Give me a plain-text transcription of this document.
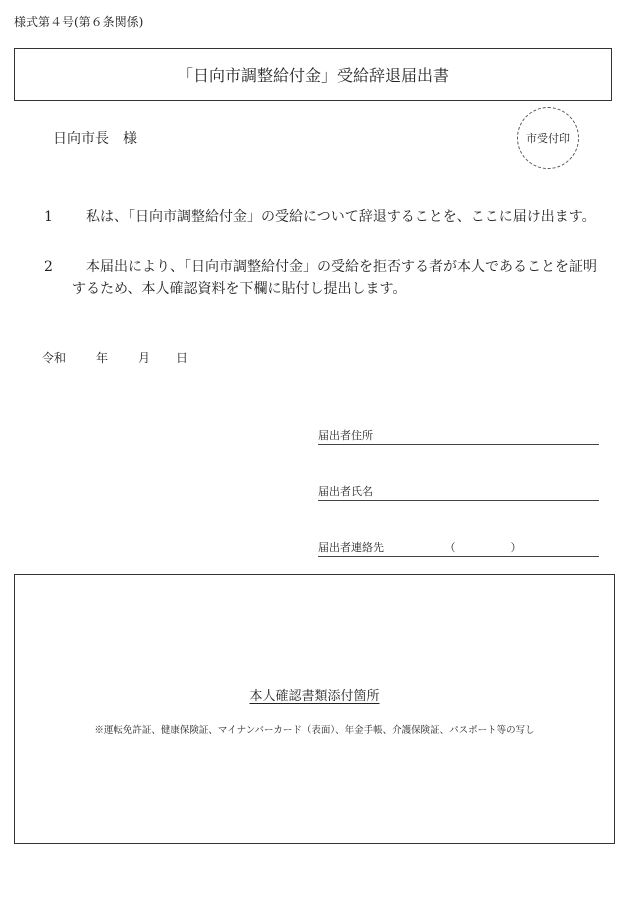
様式第４号(第６条関係)
「日向市調整給付金」受給辞退届出書
日向市長　様	市受付印
1	私は、「日向市調整給付金」の受給について辞退することを、ここに届け出ます。
2	本届出により、「日向市調整給付金」の受給を拒否する者が本人であることを証明するため、本人確認資料を下欄に貼付し提出します。
令和	年	月 日
届出者住所
届出者氏名
届出者連絡先　　　　　　（　　　　　）
本人確認書類添付箇所
※運転免許証、健康保険証、マイナンバーカード（表面）、年金手帳、介護保険証、パスポート等の写し
